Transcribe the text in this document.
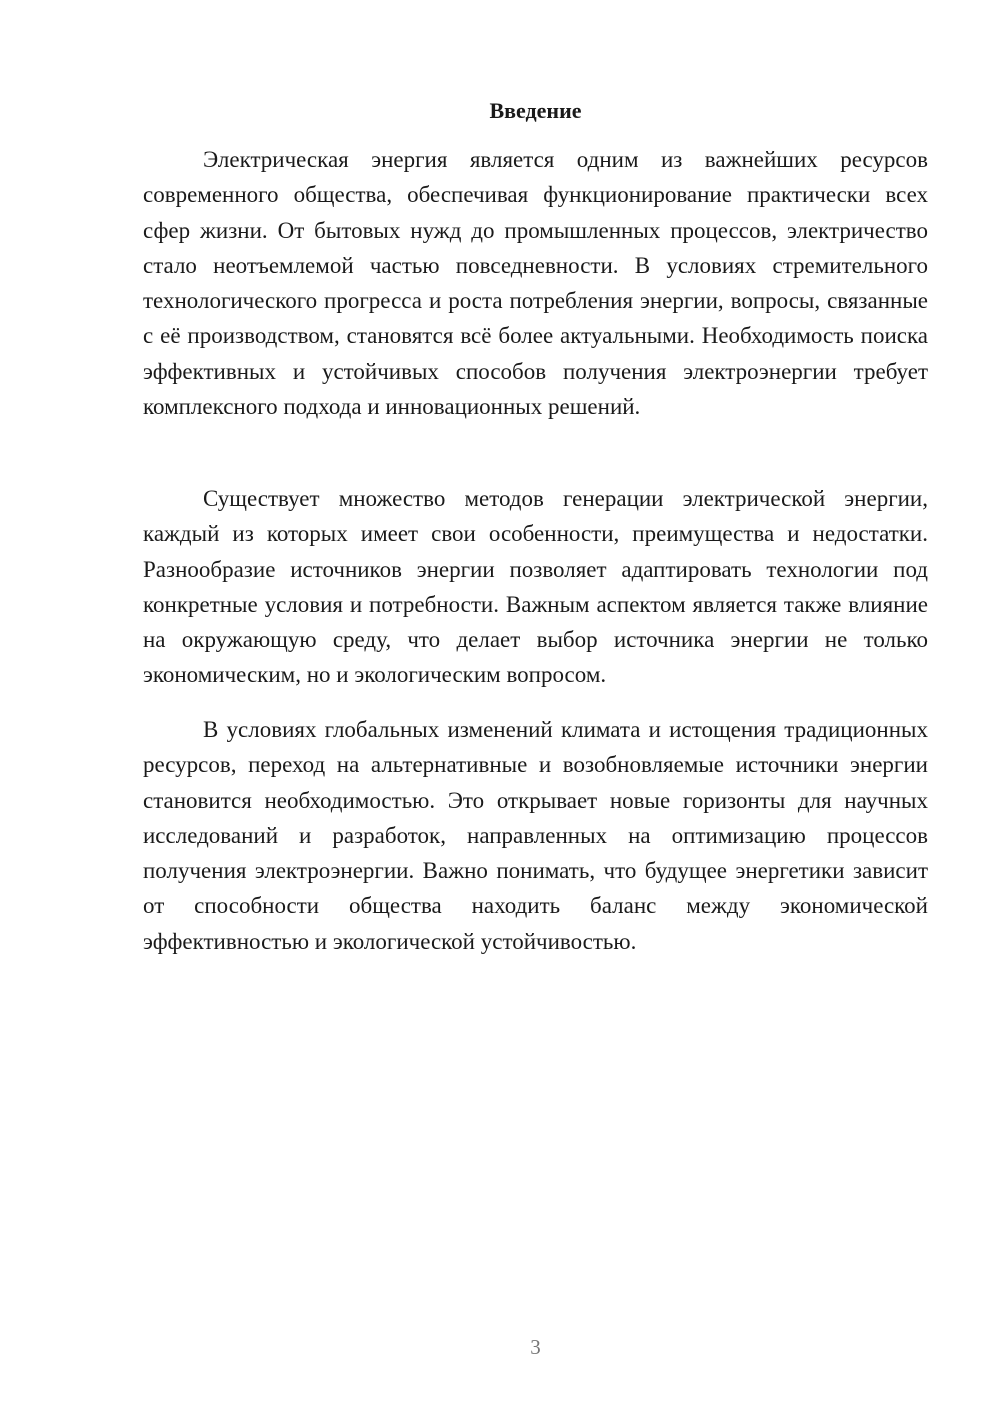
Введение

Электрическая энергия является одним из важнейших ресурсов современного общества, обеспечивая функционирование практически всех сфер жизни. От бытовых нужд до промышленных процессов, электричество стало неотъемлемой частью повседневности. В условиях стремительного технологического прогресса и роста потребления энергии, вопросы, связанные с её производством, становятся всё более актуальными. Необходимость поиска эффективных и устойчивых способов получения электроэнергии требует комплексного подхода и инновационных решений.

Существует множество методов генерации электрической энергии, каждый из которых имеет свои особенности, преимущества и недостатки. Разнообразие источников энергии позволяет адаптировать технологии под конкретные условия и потребности. Важным аспектом является также влияние на окружающую среду, что делает выбор источника энергии не только экономическим, но и экологическим вопросом.

В условиях глобальных изменений климата и истощения традиционных ресурсов, переход на альтернативные и возобновляемые источники энергии становится необходимостью. Это открывает новые горизонты для научных исследований и разработок, направленных на оптимизацию процессов получения электроэнергии. Важно понимать, что будущее энергетики зависит от способности общества находить баланс между экономической эффективностью и экологической устойчивостью.

3
